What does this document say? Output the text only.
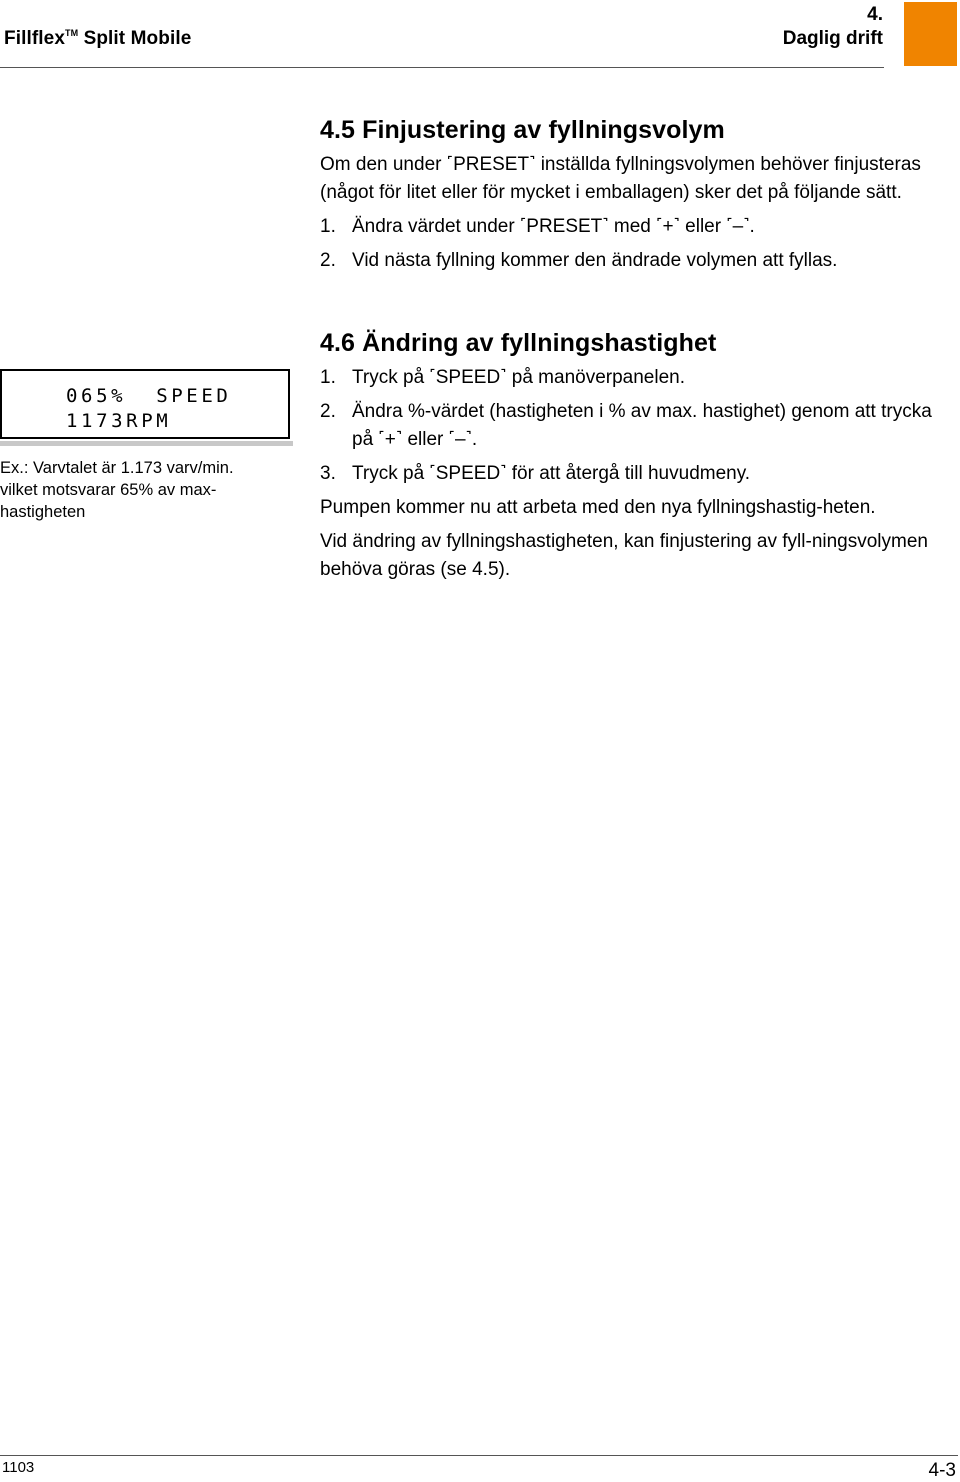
Fillflex™ Split Mobile
4.
Daglig drift
4.5 Finjustering av fyllningsvolym

Om den under ˹PRESET˺ inställda fyllningsvolymen behöver finjusteras (något för litet eller för mycket i emballagen) sker det på följande sätt.

1. Ändra värdet under ˹PRESET˺ med ˹+˺ eller ˹–˺.
2. Vid nästa fyllning kommer den ändrade volymen att fyllas.
4.6 Ändring av fyllningshastighet
1. Tryck på ˹SPEED˺ på manöverpanelen.
2. Ändra %-värdet (hastigheten i % av max. hastighet) genom att trycka på ˹+˺ eller ˹–˺.
3. Tryck på ˹SPEED˺ för att återgå till huvudmeny.

Pumpen kommer nu att arbeta med den nya fyllningshastig-heten.

Vid ändring av fyllningshastigheten, kan finjustering av fyll-ningsvolymen behöva göras (se 4.5).

065%  SPEED
1173RPM
Ex.: Varvtalet är 1.173 varv/min.
vilket motsvarar 65% av max-
hastigheten
1103	4-3
